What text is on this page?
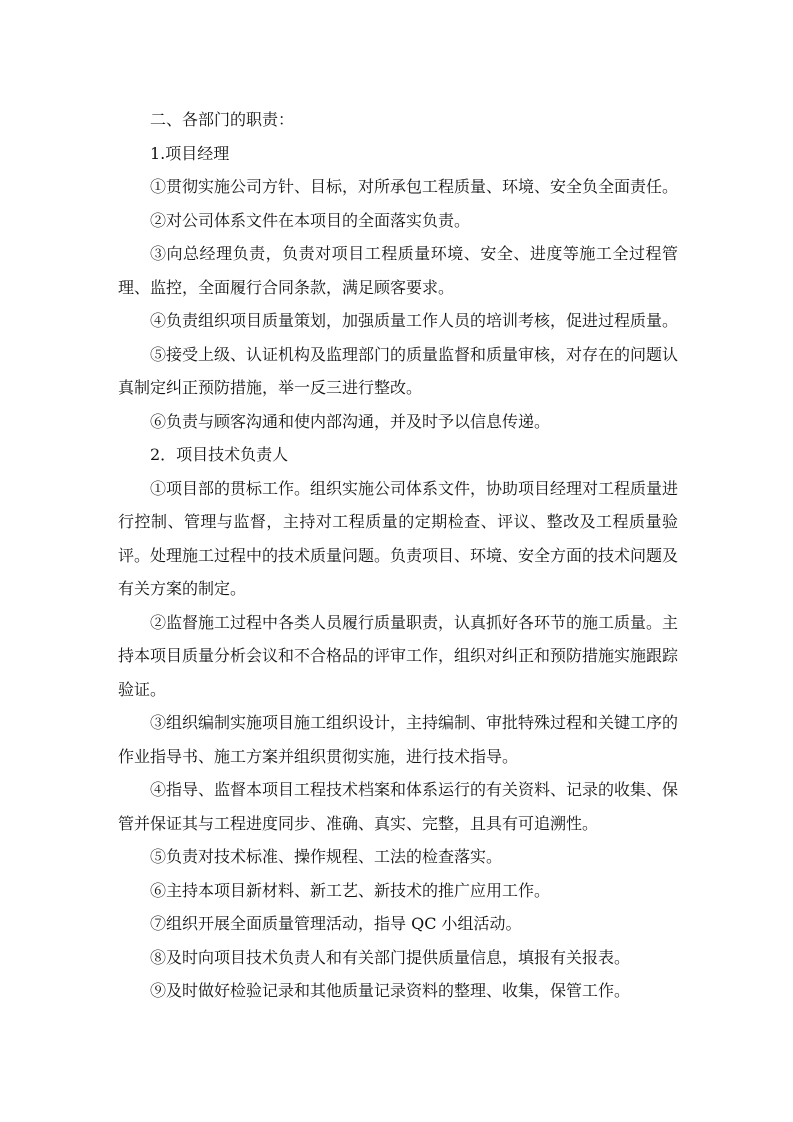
二、各部门的职责：

1.项目经理

①贯彻实施公司方针、目标，对所承包工程质量、环境、安全负全面责任。

②对公司体系文件在本项目的全面落实负责。

③向总经理负责，负责对项目工程质量环境、安全、进度等施工全过程管理、监控，全面履行合同条款，满足顾客要求。

④负责组织项目质量策划，加强质量工作人员的培训考核，促进过程质量。

⑤接受上级、认证机构及监理部门的质量监督和质量审核，对存在的问题认真制定纠正预防措施，举一反三进行整改。

⑥负责与顾客沟通和使内部沟通，并及时予以信息传递。

2．项目技术负责人

①项目部的贯标工作。组织实施公司体系文件，协助项目经理对工程质量进行控制、管理与监督，主持对工程质量的定期检查、评议、整改及工程质量验评。处理施工过程中的技术质量问题。负责项目、环境、安全方面的技术问题及有关方案的制定。

②监督施工过程中各类人员履行质量职责，认真抓好各环节的施工质量。主持本项目质量分析会议和不合格品的评审工作，组织对纠正和预防措施实施跟踪验证。

③组织编制实施项目施工组织设计，主持编制、审批特殊过程和关键工序的作业指导书、施工方案并组织贯彻实施，进行技术指导。

④指导、监督本项目工程技术档案和体系运行的有关资料、记录的收集、保管并保证其与工程进度同步、准确、真实、完整，且具有可追溯性。

⑤负责对技术标准、操作规程、工法的检查落实。

⑥主持本项目新材料、新工艺、新技术的推广应用工作。

⑦组织开展全面质量管理活动，指导 QC 小组活动。

⑧及时向项目技术负责人和有关部门提供质量信息，填报有关报表。

⑨及时做好检验记录和其他质量记录资料的整理、收集，保管工作。
